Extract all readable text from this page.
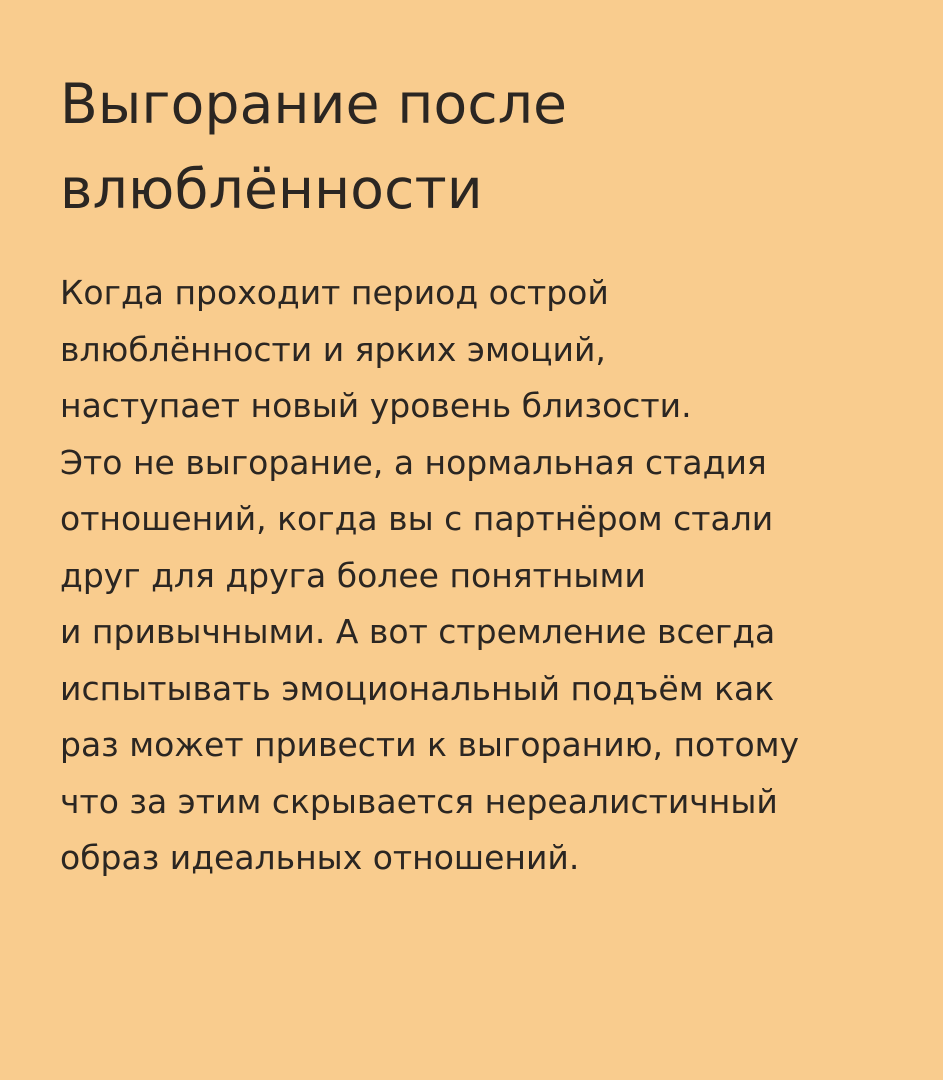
Выгорание после
влюблённости
Когда проходит период острой
влюблённости и ярких эмоций,
наступает новый уровень близости.
Это не выгорание, а нормальная стадия
отношений, когда вы с партнёром стали
друг для друга более понятными
и привычными. А вот стремление всегда
испытывать эмоциональный подъём как
раз может привести к выгоранию, потому
что за этим скрывается нереалистичный
образ идеальных отношений.
